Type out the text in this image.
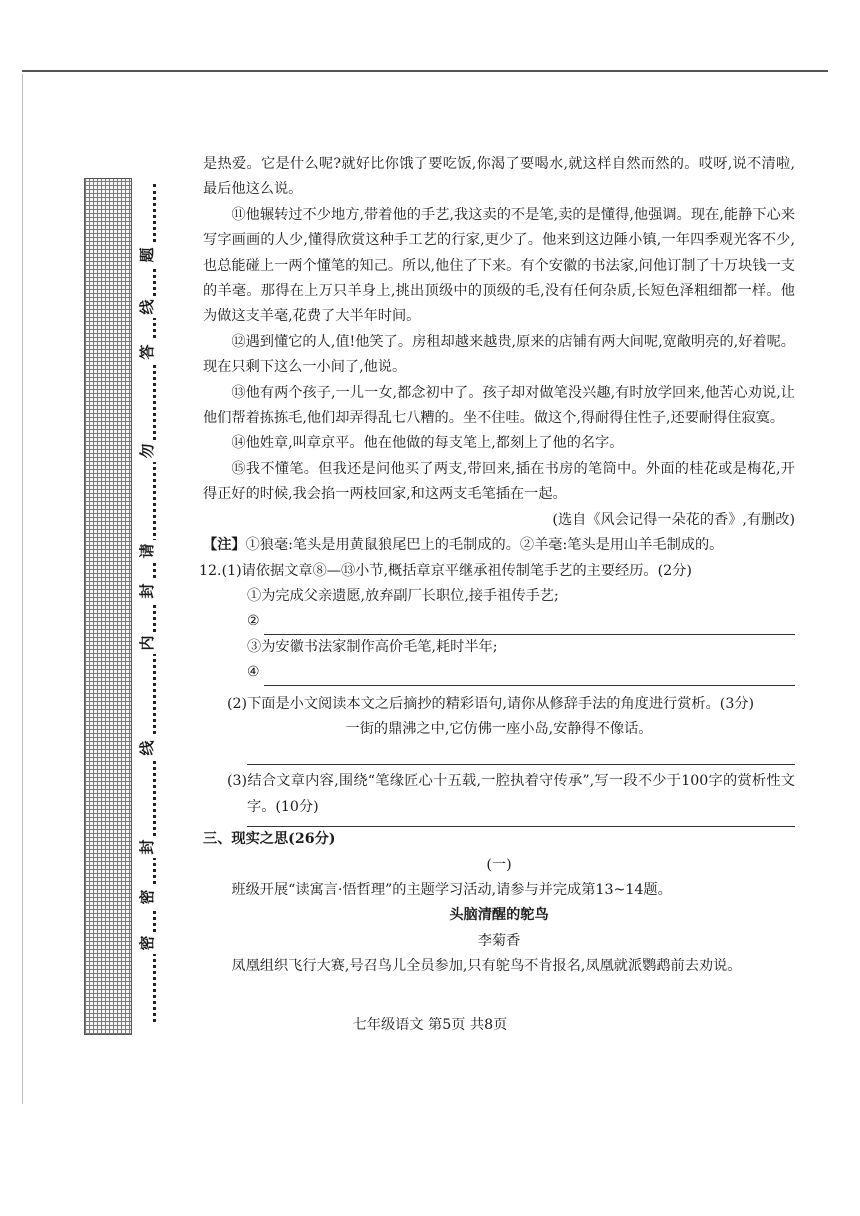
题
线
答
勿
请
封
内
线
封
密
密

是热爱。它是什么呢?就好比你饿了要吃饭,你渴了要喝水,就这样自然而然的。哎呀,说不清啦,最后他这么说。

⑪他辗转过不少地方,带着他的手艺,我这卖的不是笔,卖的是懂得,他强调。现在,能静下心来写字画画的人少,懂得欣赏这种手工艺的行家,更少了。他来到这边陲小镇,一年四季观光客不少,也总能碰上一两个懂笔的知己。所以,他住了下来。有个安徽的书法家,问他订制了十万块钱一支的羊毫。那得在上万只羊身上,挑出顶级中的顶级的毛,没有任何杂质,长短色泽粗细都一样。他为做这支羊毫,花费了大半年时间。

⑫遇到懂它的人,值!他笑了。房租却越来越贵,原来的店铺有两大间呢,宽敞明亮的,好着呢。现在只剩下这么一小间了,他说。

⑬他有两个孩子,一儿一女,都念初中了。孩子却对做笔没兴趣,有时放学回来,他苦心劝说,让他们帮着拣拣毛,他们却弄得乱七八糟的。坐不住哇。做这个,得耐得住性子,还要耐得住寂寞。

⑭他姓章,叫章京平。他在他做的每支笔上,都刻上了他的名字。

⑮我不懂笔。但我还是问他买了两支,带回来,插在书房的笔筒中。外面的桂花或是梅花,开得正好的时候,我会掐一两枝回家,和这两支毛笔插在一起。

(选自《风会记得一朵花的香》,有删改)

【注】①狼毫:笔头是用黄鼠狼尾巴上的毛制成的。②羊毫:笔头是用山羊毛制成的。

12.(1)请依据文章⑧—⑬小节,概括章京平继承祖传制笔手艺的主要经历。(2分)

①为完成父亲遗愿,放弃副厂长职位,接手祖传手艺;

②

③为安徽书法家制作高价毛笔,耗时半年;

④

(2)下面是小文阅读本文之后摘抄的精彩语句,请你从修辞手法的角度进行赏析。(3分)

一街的鼎沸之中,它仿佛一座小岛,安静得不像话。

(3)结合文章内容,围绕“笔缘匠心十五载,一腔执着守传承”,写一段不少于100字的赏析性文字。(10分)

三、现实之思(26分)

(一)

班级开展“读寓言·悟哲理”的主题学习活动,请参与并完成第13~14题。

头脑清醒的鸵鸟

李菊香

凤凰组织飞行大赛,号召鸟儿全员参加,只有鸵鸟不肯报名,凤凰就派鹦鹉前去劝说。

七年级语文 第5页 共8页
